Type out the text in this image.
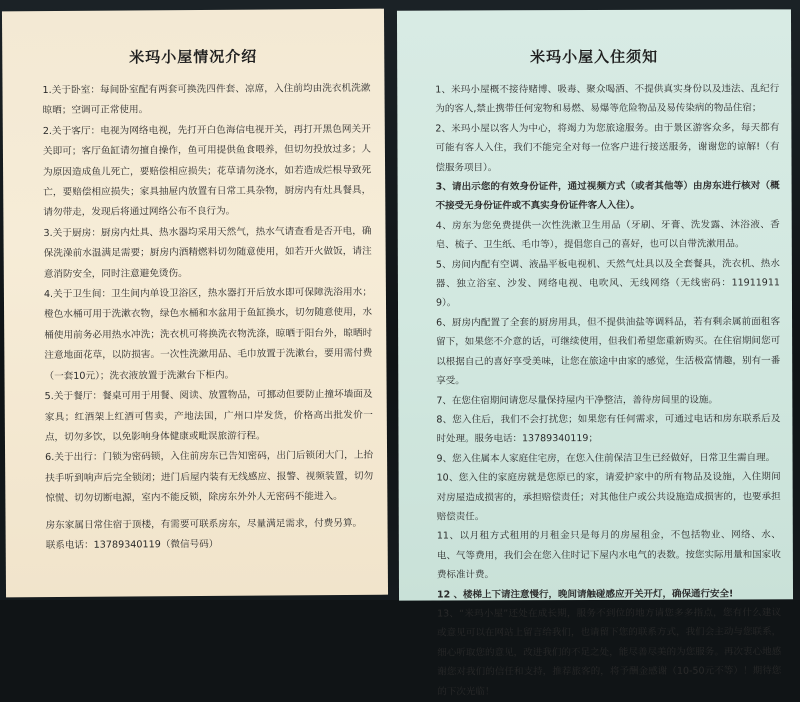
米玛小屋情况介绍

1.关于卧室：每间卧室配有两套可换洗四件套、凉席，入住前均由洗衣机洗漱晾晒；空调可正常使用。

2.关于客厅：电视为网络电视，先打开白色海信电视开关，再打开黑色网关开关即可；客厅鱼缸请勿擅自操作，鱼可用提供鱼食喂养，但切勿投放过多；人为原因造成鱼儿死亡，要赔偿相应损失；花草请勿浇水，如若造成烂根导致死亡，要赔偿相应损失；家具抽屉内放置有日常工具杂物，厨房内有灶具餐具，请勿带走，发现后将通过网络公布不良行为。

3.关于厨房：厨房内灶具、热水器均采用天然气，热水气请查看是否开电，确保洗澡前水温满足需要；厨房内酒精燃料切勿随意使用，如若开火做饭，请注意消防安全，同时注意避免烫伤。

4.关于卫生间：卫生间内单设卫浴区，热水器打开后放水即可保障洗浴用水；橙色水桶可用于洗漱衣物，绿色水桶和水盆用于鱼缸换水，切勿随意使用，水桶使用前务必用热水冲洗；洗衣机可将换洗衣物洗涤，晾晒于阳台外，晾晒时注意地面花草，以防损害。一次性洗漱用品、毛巾放置于洗漱台，要用需付费（一套10元）；洗衣液放置于洗漱台下柜内。

5.关于餐厅：餐桌可用于用餐、阅读、放置物品，可挪动但要防止撞坏墙面及家具；红酒架上红酒可售卖，产地法国，广州口岸发货，价格高出批发价一点，切勿多饮，以免影响身体健康或毗误旅游行程。

6.关于出行：门锁为密码锁，入住前房东已告知密码，出门后锁闭大门，上抬扶手听到响声后完全锁闭；进门后屋内装有无线感应、报警、视频装置，切勿惊慌、切勿切断电源，室内不能反锁，除房东外外人无密码不能进入。

房东家属日常住宿于顶楼，有需要可联系房东，尽量满足需求，付费另算。

联系电话：13789340119（微信号码）

米玛小屋入住须知

1、米玛小屋概不接待赌博、吸毒、聚众喝酒、不提供真实身份以及违法、乱纪行为的客人,禁止携带任何宠物和易燃、易爆等危险物品及易传染病的物品住宿；

2、米玛小屋以客人为中心，将竭力为您旅途服务。由于景区游客众多，每天都有可能有客人入住，我们不能完全对每一位客户进行接送服务，谢谢您的谅解!（有偿服务项目）。

3、请出示您的有效身份证件，通过视频方式（或者其他等）由房东进行核对（概不接受无身份证件或不真实身份证件客人入住）。

4、房东为您免费提供一次性洗漱卫生用品（牙刷、牙膏、洗发露、沐浴液、香皂、梳子、卫生纸、毛巾等），提倡您自己的喜好，也可以自带洗漱用品。

5、房间内配有空调、液晶平板电视机、天然气灶具以及全套餐具，洗衣机、热水器、独立浴室、沙发、网络电视、电吹风、无线网络（无线密码：119119119）。

6、厨房内配置了全套的厨房用具，但不提供油盐等调料品，若有剩余属前面租客留下，如果您不介意的话，可继续使用，但我们希望您重新购买。在住宿期间您可以根据自己的喜好享受美味，让您在旅途中由家的感觉，生活极富情趣，别有一番享受。

7、在您住宿期间请您尽量保持屋内干净整洁，善待房间里的设施。

8、您入住后，我们不会打扰您；如果您有任何需求，可通过电话和房东联系后及时处理。服务电话：13789340119；

9、您入住属本人家庭住宅房，在您入住前保洁卫生已经做好，日常卫生需自理。

10、您入住的家庭房就是您原已的家，请爱护家中的所有物品及设施，入住期间对房屋造成损害的，承担赔偿责任；对其他住户或公共设施造成损害的，也要承担赔偿责任。

11、以月租方式租用的月租金只是每月的房屋租金，不包括物业、网络、水、电、气等费用，我们会在您入住时记下屋内水电气的表数。按您实际用量和国家收费标准计费。

12 、楼梯上下请注意慢行，晚间请触碰感应开关开灯，确保通行安全!

13、“米玛小屋”还处在成长期，服务不到位的地方请您多多指点，您有什么建议或意见可以在网站上留言给我们，也请留下您的联系方式，我们会主动与您联系，细心听取您的意见，改进我们的不足之处，能尽善尽美的为您服务。再次衷心地感谢您对我们的信任和支持，推荐旅客的，将予酬金感谢（10-50元不等）！期待您的下次光临！
